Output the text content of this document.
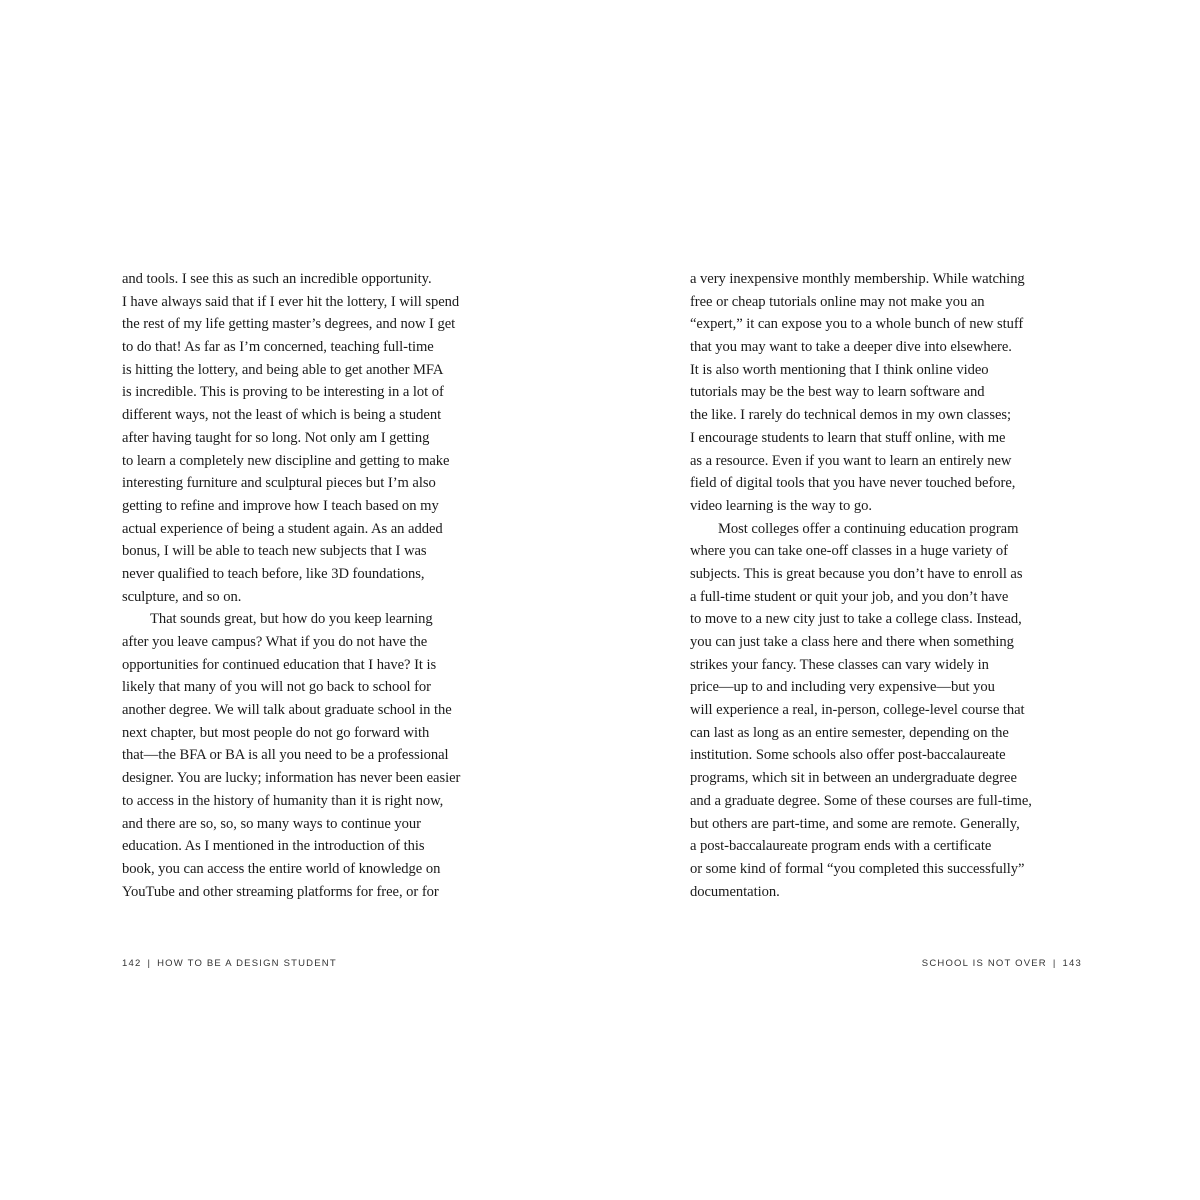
and tools. I see this as such an incredible opportunity.
I have always said that if I ever hit the lottery, I will spend
the rest of my life getting master’s degrees, and now I get
to do that! As far as I’m concerned, teaching full-time
is hitting the lottery, and being able to get another MFA
is incredible. This is proving to be interesting in a lot of
different ways, not the least of which is being a student
after having taught for so long. Not only am I getting
to learn a completely new discipline and getting to make
interesting furniture and sculptural pieces but I’m also
getting to refine and improve how I teach based on my
actual experience of being a student again. As an added
bonus, I will be able to teach new subjects that I was
never qualified to teach before, like 3D foundations,
sculpture, and so on.
That sounds great, but how do you keep learning
after you leave campus? What if you do not have the
opportunities for continued education that I have? It is
likely that many of you will not go back to school for
another degree. We will talk about graduate school in the
next chapter, but most people do not go forward with
that—the BFA or BA is all you need to be a professional
designer. You are lucky; information has never been easier
to access in the history of humanity than it is right now,
and there are so, so, so many ways to continue your
education. As I mentioned in the introduction of this
book, you can access the entire world of knowledge on
YouTube and other streaming platforms for free, or for
a very inexpensive monthly membership. While watching
free or cheap tutorials online may not make you an
“expert,” it can expose you to a whole bunch of new stuff
that you may want to take a deeper dive into elsewhere.
It is also worth mentioning that I think online video
tutorials may be the best way to learn software and
the like. I rarely do technical demos in my own classes;
I encourage students to learn that stuff online, with me
as a resource. Even if you want to learn an entirely new
field of digital tools that you have never touched before,
video learning is the way to go.
Most colleges offer a continuing education program
where you can take one-off classes in a huge variety of
subjects. This is great because you don’t have to enroll as
a full-time student or quit your job, and you don’t have
to move to a new city just to take a college class. Instead,
you can just take a class here and there when something
strikes your fancy. These classes can vary widely in
price—up to and including very expensive—but you
will experience a real, in-person, college-level course that
can last as long as an entire semester, depending on the
institution. Some schools also offer post-baccalaureate
programs, which sit in between an undergraduate degree
and a graduate degree. Some of these courses are full-time,
but others are part-time, and some are remote. Generally,
a post-baccalaureate program ends with a certificate
or some kind of formal “you completed this successfully”
documentation.
142 | HOW TO BE A DESIGN STUDENT	SCHOOL IS NOT OVER | 143
